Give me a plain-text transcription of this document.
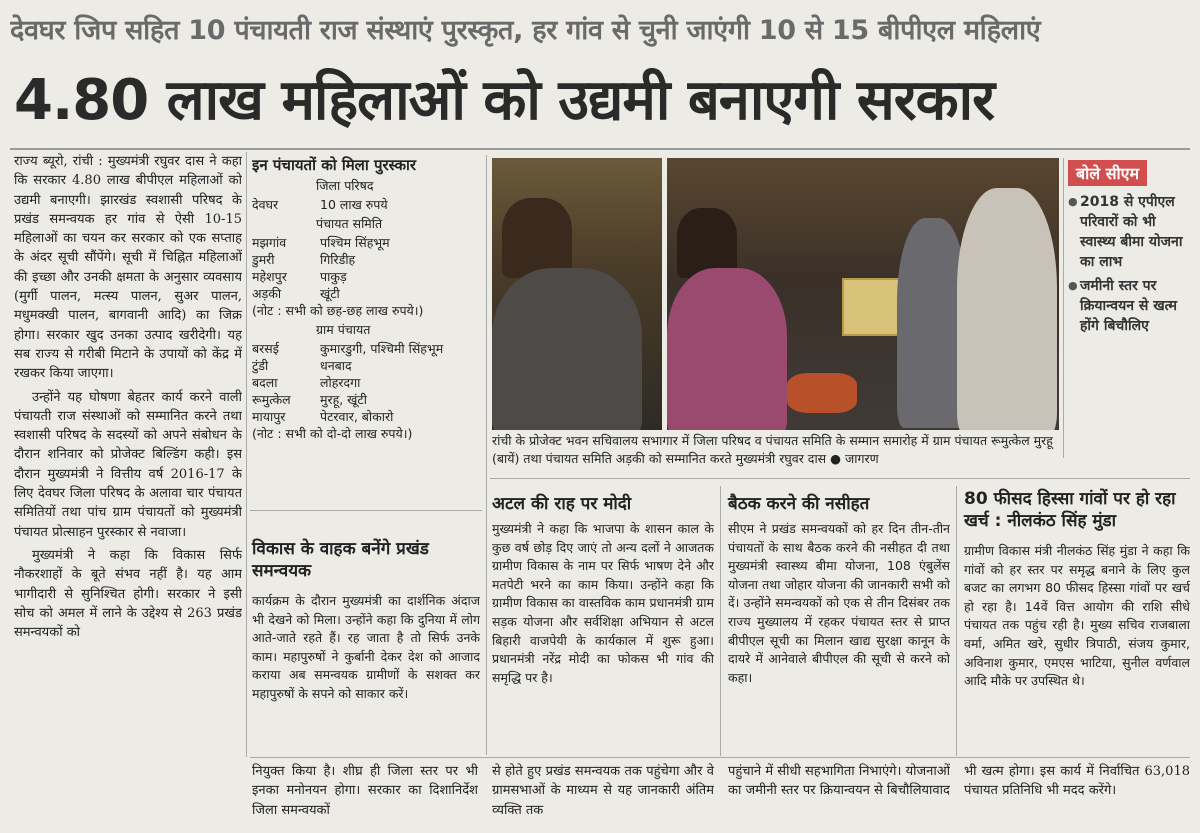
देवघर जिप सहित 10 पंचायती राज संस्थाएं पुरस्कृत, हर गांव से चुनी जाएंगी 10 से 15 बीपीएल महिलाएं
4.80 लाख महिलाओं को उद्यमी बनाएगी सरकार

राज्य ब्यूरो, रांची : मुख्यमंत्री रघुवर दास ने कहा कि सरकार 4.80 लाख बीपीएल महिलाओं को उद्यमी बनाएगी। झारखंड स्वशासी परिषद के प्रखंड समन्वयक हर गांव से ऐसी 10-15 महिलाओं का चयन कर सरकार को एक सप्ताह के अंदर सूची सौंपेंगे। सूची में चिह्नित महिलाओं की इच्छा और उनकी क्षमता के अनुसार व्यवसाय (मुर्गी पालन, मत्स्य पालन, सुअर पालन, मधुमक्खी पालन, बागवानी आदि) का जिक्र होगा। सरकार खुद उनका उत्पाद खरीदेगी। यह सब राज्य से गरीबी मिटाने के उपायों को केंद्र में रखकर किया जाएगा।

उन्होंने यह घोषणा बेहतर कार्य करने वाली पंचायती राज संस्थाओं को सम्मानित करने तथा स्वशासी परिषद के सदस्यों को अपने संबोधन के दौरान शनिवार को प्रोजेक्ट बिल्डिंग कही। इस दौरान मुख्यमंत्री ने वित्तीय वर्ष 2016-17 के लिए देवघर जिला परिषद के अलावा चार पंचायत समितियों तथा पांच ग्राम पंचायतों को मुख्यमंत्री पंचायत प्रोत्साहन पुरस्कार से नवाजा।

मुख्यमंत्री ने कहा कि विकास सिर्फ नौकरशाहों के बूते संभव नहीं है। यह आम भागीदारी से सुनिश्चित होगी। सरकार ने इसी सोच को अमल में लाने के उद्देश्य से 263 प्रखंड समन्वयकों को

इन पंचायतों को मिला पुरस्कार
जिला परिषद
देवघर	10 लाख रुपये
पंचायत समिति
मझगांव	पश्चिम सिंहभूम
डुमरी	गिरिडीह
महेशपुर	पाकुड़
अड़की	खूंटी
(नोट : सभी को छह-छह लाख रुपये।)
ग्राम पंचायत
बरसई	कुमारडुगी, पश्चिमी सिंहभूम
टुंडी	धनबाद
बदला	लोहरदगा
रूमुत्केल	मुरहू, खूंटी
मायापुर	पेटरवार, बोकारो
(नोट : सभी को दो-दो लाख रुपये।)	रांची के प्रोजेक्ट भवन सचिवालय सभागार में जिला परिषद व पंचायत समिति के सम्मान समारोह में ग्राम पंचायत रूमुत्केल मुरहू (बायें) तथा पंचायत समिति अड़की को सम्मानित करते मुख्यमंत्री रघुवर दास ● जागरण
बोले सीएम
● 2018 से एपीएल परिवारों को भी स्वास्थ्य बीमा योजना का लाभ
● जमीनी स्तर पर क्रियान्वयन से खत्म होंगे बिचौलिए
विकास के वाहक बनेंगे प्रखंड समन्वयक
कार्यक्रम के दौरान मुख्यमंत्री का दार्शनिक अंदाज भी देखने को मिला। उन्होंने कहा कि दुनिया में लोग आते-जाते रहते हैं। रह जाता है तो सिर्फ उनके काम। महापुरुषों ने कुर्बानी देकर देश को आजाद कराया अब समन्वयक ग्रामीणों के सशक्त कर महापुरुषों के सपने को साकार करें।
अटल की राह पर मोदी
मुख्यमंत्री ने कहा कि भाजपा के शासन काल के कुछ वर्ष छोड़ दिए जाएं तो अन्य दलों ने आजतक ग्रामीण विकास के नाम पर सिर्फ भाषण देने और मतपेटी भरने का काम किया। उन्होंने कहा कि ग्रामीण विकास का वास्तविक काम प्रधानमंत्री ग्राम सड़क योजना और सर्वशिक्षा अभियान से अटल बिहारी वाजपेयी के कार्यकाल में शुरू हुआ। प्रधानमंत्री नरेंद्र मोदी का फोकस भी गांव की समृद्धि पर है।
बैठक करने की नसीहत
सीएम ने प्रखंड समन्वयकों को हर दिन तीन-तीन पंचायतों के साथ बैठक करने की नसीहत दी तथा मुख्यमंत्री स्वास्थ्य बीमा योजना, 108 एंबुलेंस योजना तथा जोहार योजना की जानकारी सभी को दें। उन्होंने समन्वयकों को एक से तीन दिसंबर तक राज्य मुख्यालय में रहकर पंचायत स्तर से प्राप्त बीपीएल सूची का मिलान खाद्य सुरक्षा कानून के दायरे में आनेवाले बीपीएल की सूची से करने को कहा।
80 फीसद हिस्सा गांवों पर हो रहा खर्च : नीलकंठ सिंह मुंडा
ग्रामीण विकास मंत्री नीलकंठ सिंह मुंडा ने कहा कि गांवों को हर स्तर पर समृद्ध बनाने के लिए कुल बजट का लगभग 80 फीसद हिस्सा गांवों पर खर्च हो रहा है। 14वें वित्त आयोग की राशि सीधे पंचायत तक पहुंच रही है। मुख्य सचिव राजबाला वर्मा, अमित खरे, सुधीर त्रिपाठी, संजय कुमार, अविनाश कुमार, एमएस भाटिया, सुनील वर्णवाल आदि मौके पर उपस्थित थे।
नियुक्त किया है। शीघ्र ही जिला स्तर पर भी इनका मनोनयन होगा। सरकार का दिशानिर्देश जिला समन्वयकों
से होते हुए प्रखंड समन्वयक तक पहुंचेगा और वे ग्रामसभाओं के माध्यम से यह जानकारी अंतिम व्यक्ति तक
पहुंचाने में सीधी सहभागिता निभाएंगे। योजनाओं का जमीनी स्तर पर क्रियान्वयन से बिचौलियावाद
भी खत्म होगा। इस कार्य में निर्वाचित 63,018 पंचायत प्रतिनिधि भी मदद करेंगे।
